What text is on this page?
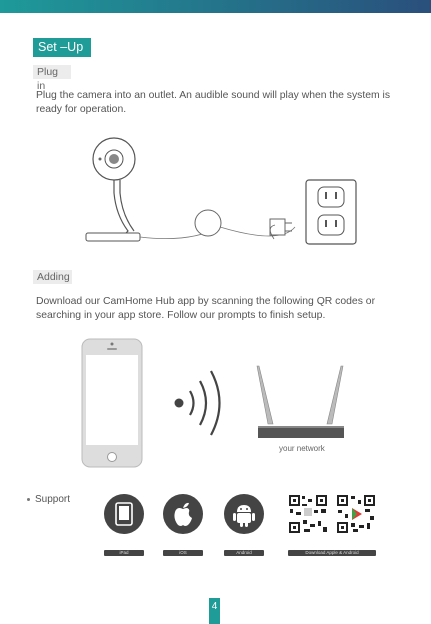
Set –Up
Plug in

Plug the camera into an outlet. An audible sound will play when the system is ready for operation.

Adding

Download our CamHome Hub app by scanning the following QR codes or searching in your app store. Follow our prompts to finish setup.

your network
Support
iPad	iOS	Android	Download Apple & Android
4
